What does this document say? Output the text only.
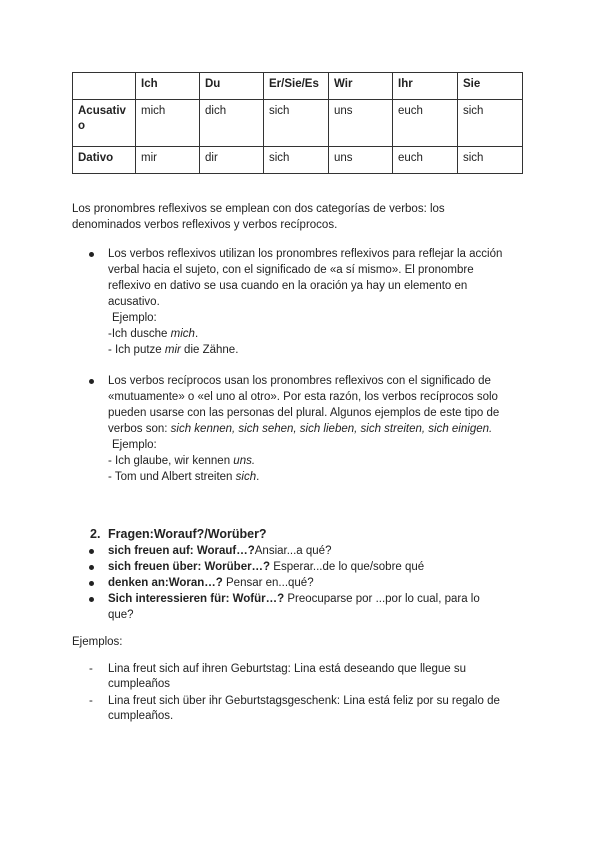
	Ich	Du	Er/Sie/Es	Wir	Ihr	Sie
Acusativo	mich	dich	sich	uns	euch	sich
Dativo	mir	dir	sich	uns	euch	sich
Los pronombres reflexivos se emplean con dos categorías de verbos: los
denominados verbos reflexivos y verbos recíprocos.
Los verbos reflexivos utilizan los pronombres reflexivos para reflejar la acción
verbal hacia el sujeto, con el significado de «a sí mismo». El pronombre
reflexivo en dativo se usa cuando en la oración ya hay un elemento en
acusativo.
Ejemplo:
-Ich dusche mich.
- Ich putze mir die Zähne.
Los verbos recíprocos usan los pronombres reflexivos con el significado de
«mutuamente» o «el uno al otro». Por esta razón, los verbos recíprocos solo
pueden usarse con las personas del plural. Algunos ejemplos de este tipo de
verbos son: sich kennen, sich sehen, sich lieben, sich streiten, sich einigen.
Ejemplo:
- Ich glaube, wir kennen uns.
- Tom und Albert streiten sich.
2. Fragen:Worauf?/Worüber?
sich freuen auf: Worauf…?Ansiar...a qué?
sich freuen über: Worüber…? Esperar...de lo que/sobre qué
denken an:Woran…? Pensar en...qué?
Sich interessieren für: Wofür…? Preocuparse por ...por lo cual, para lo
que?
Ejemplos:
- Lina freut sich auf ihren Geburtstag: Lina está deseando que llegue su
cumpleaños
- Lina freut sich über ihr Geburtstagsgeschenk: Lina está feliz por su regalo de
cumpleaños.
